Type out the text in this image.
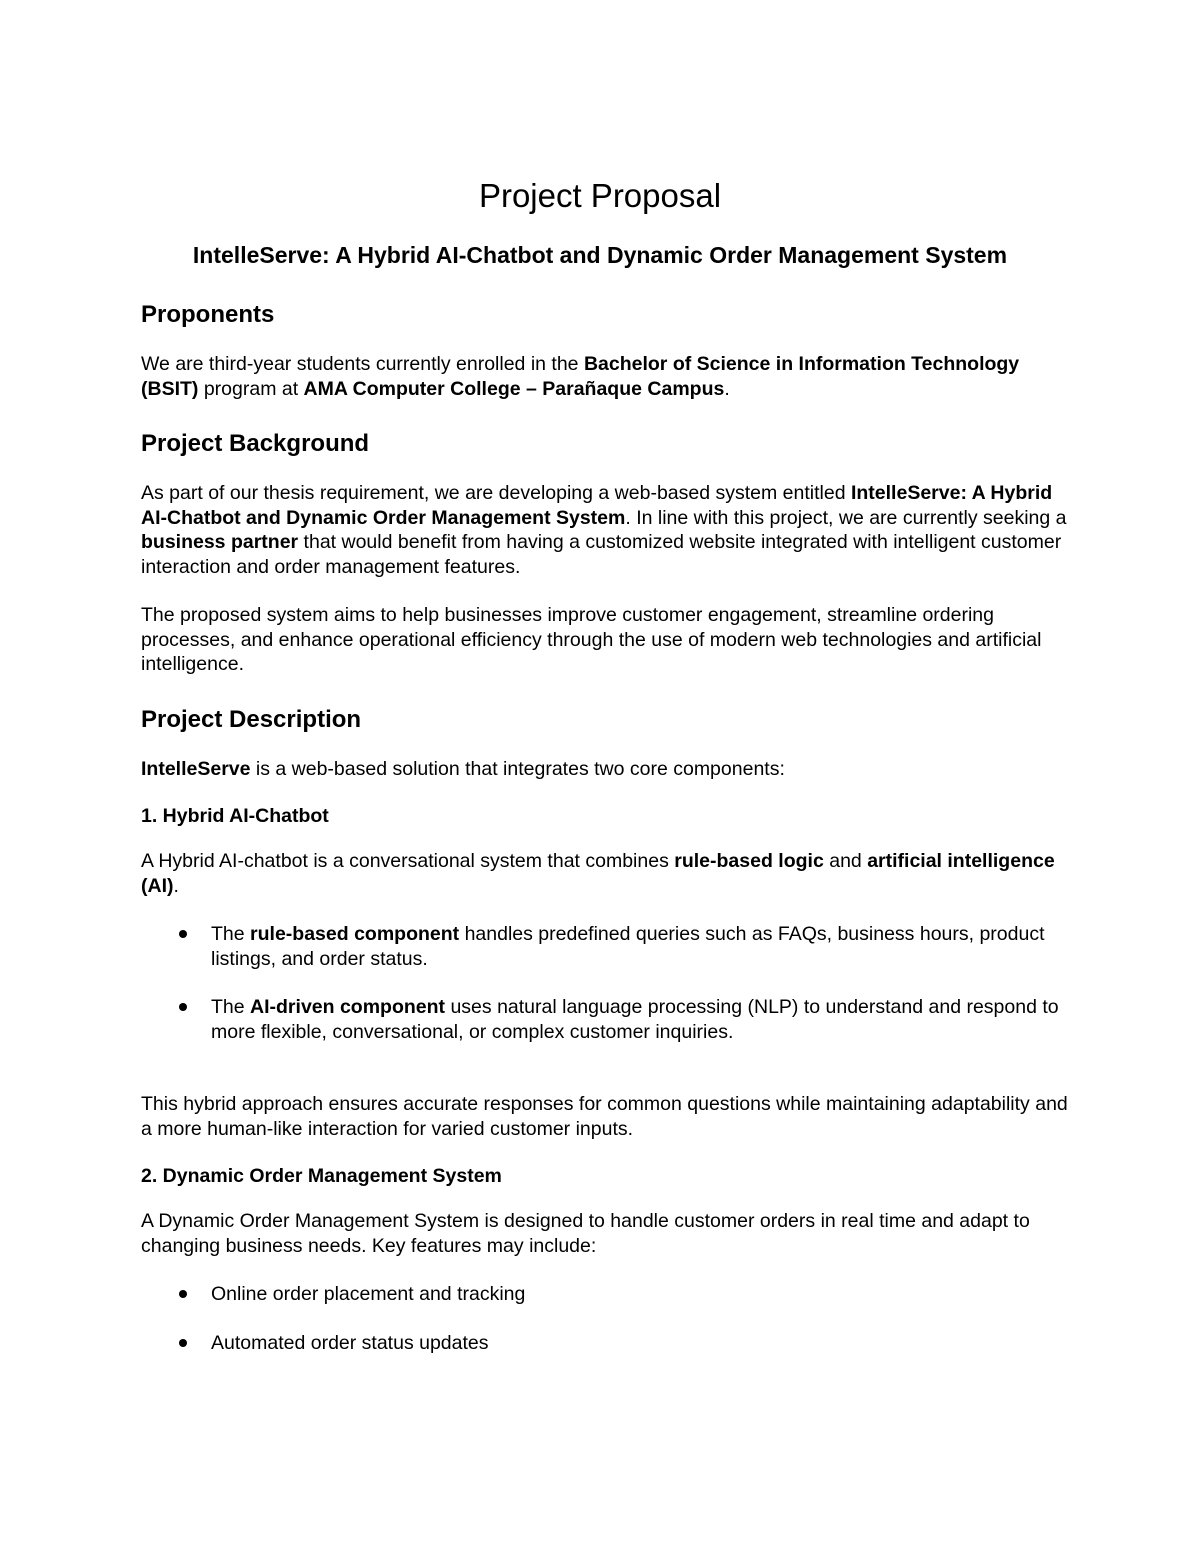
Project Proposal
IntelleServe: A Hybrid AI-Chatbot and Dynamic Order Management System
Proponents

We are third-year students currently enrolled in the Bachelor of Science in Information Technology (BSIT) program at AMA Computer College – Parañaque Campus.

Project Background

As part of our thesis requirement, we are developing a web-based system entitled IntelleServe: A Hybrid AI-Chatbot and Dynamic Order Management System. In line with this project, we are currently seeking a business partner that would benefit from having a customized website integrated with intelligent customer interaction and order management features.

The proposed system aims to help businesses improve customer engagement, streamline ordering processes, and enhance operational efficiency through the use of modern web technologies and artificial intelligence.

Project Description

IntelleServe is a web-based solution that integrates two core components:

1. Hybrid AI-Chatbot

A Hybrid AI-chatbot is a conversational system that combines rule-based logic and artificial intelligence (AI).

The rule-based component handles predefined queries such as FAQs, business hours, product listings, and order status.
The AI-driven component uses natural language processing (NLP) to understand and respond to more flexible, conversational, or complex customer inquiries.

This hybrid approach ensures accurate responses for common questions while maintaining adaptability and a more human-like interaction for varied customer inputs.

2. Dynamic Order Management System

A Dynamic Order Management System is designed to handle customer orders in real time and adapt to changing business needs. Key features may include:

Online order placement and tracking
Automated order status updates
